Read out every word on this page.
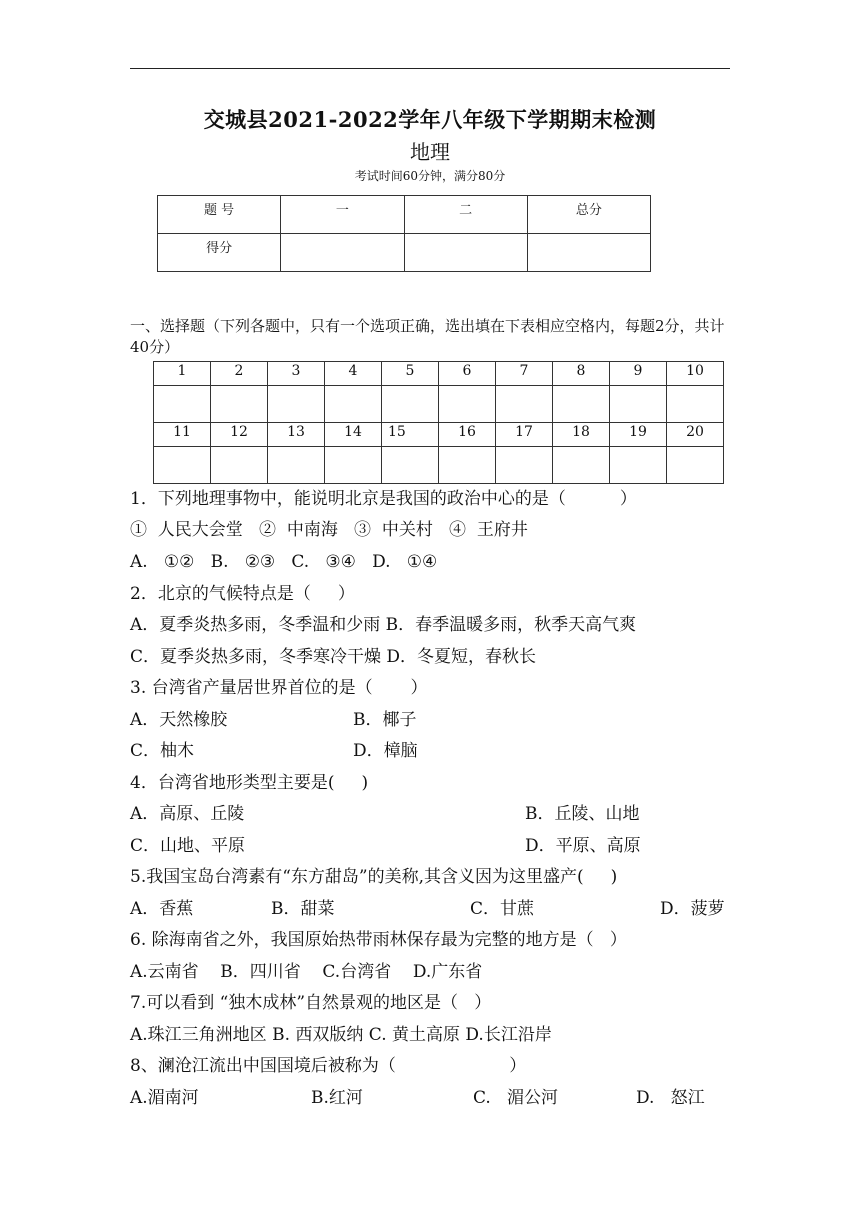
交城县2021-2022学年八年级下学期期末检测
地理
考试时间60分钟，满分80分
题 号	一	二	总分
得分			
一、选择题（下列各题中，只有一个选项正确，选出填在下表相应空格内，每题2分，共计40分）
1	2	3	4	5	6	7	8	9	10

11	12	13	14	15	16	17	18	19	20

1．下列地理事物中，能说明北京是我国的政治中心的是（          ）
①  人民大会堂   ②  中南海   ③  中关村   ④  王府井
A.   ①②   B.   ②③   C.   ③④   D.   ①④
2．北京的气候特点是（     ）
A．夏季炎热多雨，冬季温和少雨 B．春季温暖多雨，秋季天高气爽
C．夏季炎热多雨，冬季寒冷干燥 D．冬夏短，春秋长
3. 台湾省产量居世界首位的是（       ）
A．天然橡胶	B．椰子
C．柚木	D．樟脑
4．台湾省地形类型主要是(     )
A．高原、丘陵	B．丘陵、山地
C．山地、平原	D．平原、高原
5.我国宝岛台湾素有“东方甜岛”的美称,其含义因为这里盛产(     )
A．香蕉	B．甜菜	C．甘蔗	D．菠萝
6. 除海南省之外，我国原始热带雨林保存最为完整的地方是（   ）
A.云南省    B．四川省    C.台湾省    D.广东省
7.可以看到 “独木成林”自然景观的地区是（   ）
A.珠江三角洲地区 B. 西双版纳 C. 黄土高原 D.长江沿岸
8、澜沧江流出中国国境后被称为（                     ）
A.湄南河	B.红河	C.   湄公河	D.   怒江
